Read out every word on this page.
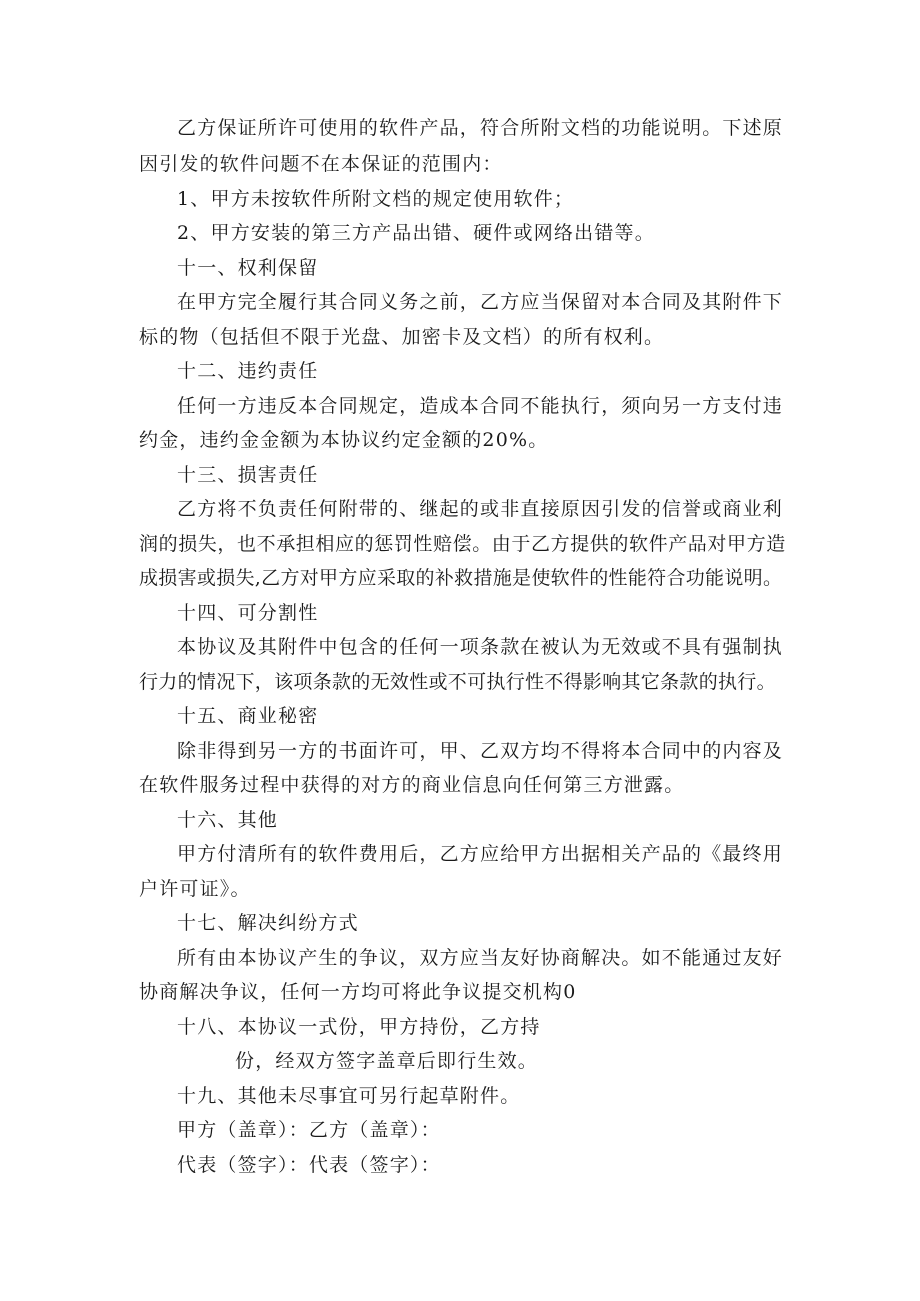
乙方保证所许可使用的软件产品，符合所附文档的功能说明。下述原
因引发的软件问题不在本保证的范围内：
1、甲方未按软件所附文档的规定使用软件；
2、甲方安装的第三方产品出错、硬件或网络出错等。
十一、权利保留
在甲方完全履行其合同义务之前，乙方应当保留对本合同及其附件下
标的物（包括但不限于光盘、加密卡及文档）的所有权利。
十二、违约责任
任何一方违反本合同规定，造成本合同不能执行，须向另一方支付违
约金，违约金金额为本协议约定金额的20%。
十三、损害责任
乙方将不负责任何附带的、继起的或非直接原因引发的信誉或商业利
润的损失，也不承担相应的惩罚性赔偿。由于乙方提供的软件产品对甲方造
成损害或损失,乙方对甲方应采取的补救措施是使软件的性能符合功能说明。
十四、可分割性
本协议及其附件中包含的任何一项条款在被认为无效或不具有强制执
行力的情况下，该项条款的无效性或不可执行性不得影响其它条款的执行。
十五、商业秘密
除非得到另一方的书面许可，甲、乙双方均不得将本合同中的内容及
在软件服务过程中获得的对方的商业信息向任何第三方泄露。
十六、其他
甲方付清所有的软件费用后，乙方应给甲方出据相关产品的《最终用
户许可证》。
十七、解决纠纷方式
所有由本协议产生的争议，双方应当友好协商解决。如不能通过友好
协商解决争议，任何一方均可将此争议提交机构0
十八、本协议一式份，甲方持份，乙方持
份，经双方签字盖章后即行生效。
十九、其他未尽事宜可另行起草附件。
甲方（盖章）：乙方（盖章）：
代表（签字）：代表（签字）：
